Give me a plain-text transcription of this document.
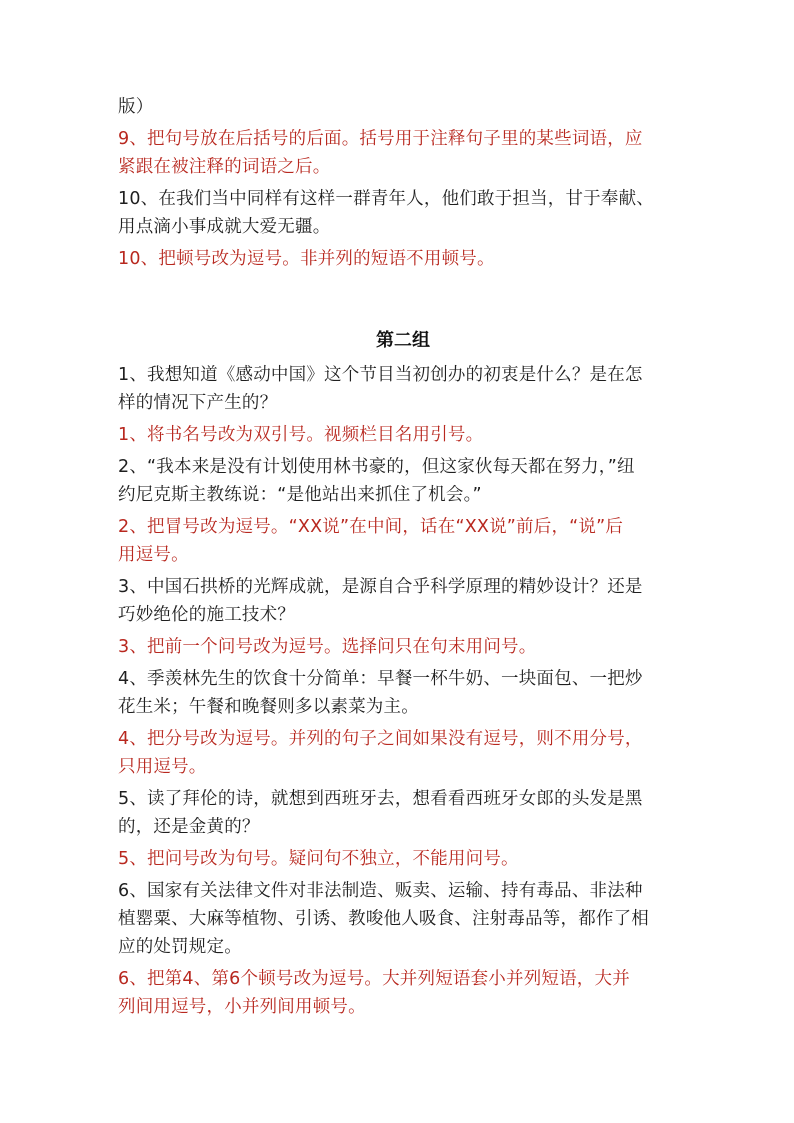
版）
9、把句号放在后括号的后面。括号用于注释句子里的某些词语，应
紧跟在被注释的词语之后。
10、在我们当中同样有这样一群青年人，他们敢于担当，甘于奉献、
用点滴小事成就大爱无疆。
10、把顿号改为逗号。非并列的短语不用顿号。
第二组
1、我想知道《感动中国》这个节目当初创办的初衷是什么？是在怎
样的情况下产生的？
1、将书名号改为双引号。视频栏目名用引号。
2、“我本来是没有计划使用林书豪的，但这家伙每天都在努力，”纽
约尼克斯主教练说：“是他站出来抓住了机会。”
2、把冒号改为逗号。“XX说”在中间，话在“XX说”前后，“说”后
用逗号。
3、中国石拱桥的光辉成就，是源自合乎科学原理的精妙设计？还是
巧妙绝伦的施工技术？
3、把前一个问号改为逗号。选择问只在句末用问号。
4、季羡林先生的饮食十分简单：早餐一杯牛奶、一块面包、一把炒
花生米；午餐和晚餐则多以素菜为主。
4、把分号改为逗号。并列的句子之间如果没有逗号，则不用分号，
只用逗号。
5、读了拜伦的诗，就想到西班牙去，想看看西班牙女郎的头发是黑
的，还是金黄的？
5、把问号改为句号。疑问句不独立，不能用问号。
6、国家有关法律文件对非法制造、贩卖、运输、持有毒品、非法种
植罂粟、大麻等植物、引诱、教唆他人吸食、注射毒品等，都作了相
应的处罚规定。
6、把第4、第6个顿号改为逗号。大并列短语套小并列短语，大并
列间用逗号，小并列间用顿号。
